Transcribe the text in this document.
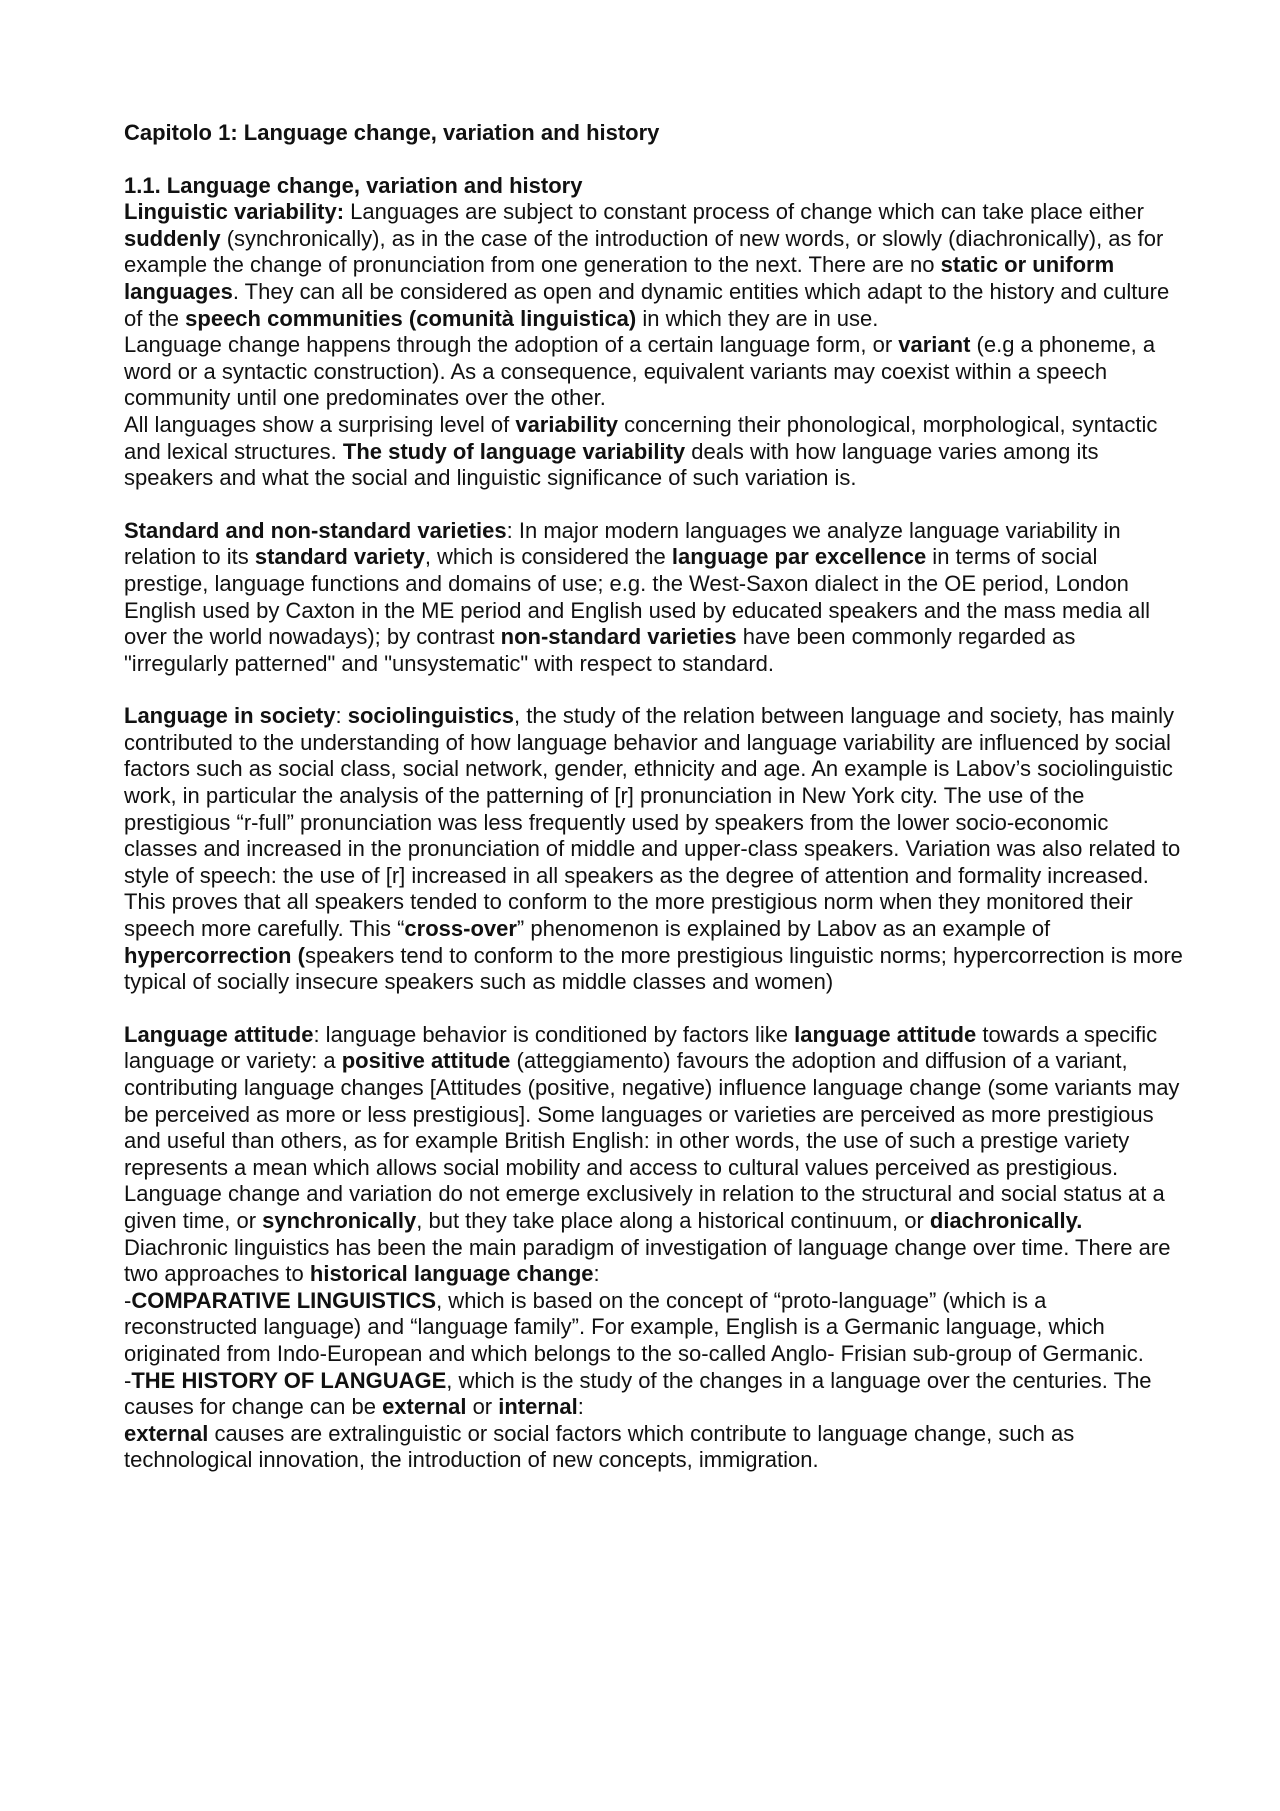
Capitolo 1: Language change, variation and history
1.1. Language change, variation and history

Linguistic variability: Languages are subject to constant process of change which can take place either suddenly (synchronically), as in the case of the introduction of new words, or slowly (diachronically), as for example the change of pronunciation from one generation to the next. There are no static or uniform languages. They can all be considered as open and dynamic entities which adapt to the history and culture of the speech communities (comunità linguistica) in which they are in use.

Language change happens through the adoption of a certain language form, or variant (e.g a phoneme, a word or a syntactic construction). As a consequence, equivalent variants may coexist within a speech community until one predominates over the other.

All languages show a surprising level of variability concerning their phonological, morphological, syntactic and lexical structures. The study of language variability deals with how language varies among its speakers and what the social and linguistic significance of such variation is.

Standard and non-standard varieties: In major modern languages we analyze language variability in relation to its standard variety, which is considered the language par excellence in terms of social prestige, language functions and domains of use; e.g. the West-Saxon dialect in the OE period, London English used by Caxton in the ME period and English used by educated speakers and the mass media all over the world nowadays); by contrast non-standard varieties have been commonly regarded as "irregularly patterned" and "unsystematic" with respect to standard.

Language in society: sociolinguistics, the study of the relation between language and society, has mainly contributed to the understanding of how language behavior and language variability are influenced by social factors such as social class, social network, gender, ethnicity and age. An example is Labov’s sociolinguistic work, in particular the analysis of the patterning of [r] pronunciation in New York city. The use of the prestigious “r-full” pronunciation was less frequently used by speakers from the lower socio-economic classes and increased in the pronunciation of middle and upper-class speakers. Variation was also related to style of speech: the use of [r] increased in all speakers as the degree of attention and formality increased. This proves that all speakers tended to conform to the more prestigious norm when they monitored their speech more carefully. This “cross-over” phenomenon is explained by Labov as an example of hypercorrection (speakers tend to conform to the more prestigious linguistic norms; hypercorrection is more typical of socially insecure speakers such as middle classes and women)

Language attitude: language behavior is conditioned by factors like language attitude towards a specific language or variety: a positive attitude (atteggiamento) favours the adoption and diffusion of a variant, contributing language changes [Attitudes (positive, negative) influence language change (some variants may be perceived as more or less prestigious]. Some languages or varieties are perceived as more prestigious and useful than others, as for example British English: in other words, the use of such a prestige variety represents a mean which allows social mobility and access to cultural values perceived as prestigious.

Language change and variation do not emerge exclusively in relation to the structural and social status at a given time, or synchronically, but they take place along a historical continuum, or diachronically.

Diachronic linguistics has been the main paradigm of investigation of language change over time. There are two approaches to historical language change:

-COMPARATIVE LINGUISTICS, which is based on the concept of “proto-language” (which is a reconstructed language) and “language family”. For example, English is a Germanic language, which originated from Indo-European and which belongs to the so-called Anglo- Frisian sub-group of Germanic.

-THE HISTORY OF LANGUAGE, which is the study of the changes in a language over the centuries. The causes for change can be external or internal:

external causes are extralinguistic or social factors which contribute to language change, such as technological innovation, the introduction of new concepts, immigration.
